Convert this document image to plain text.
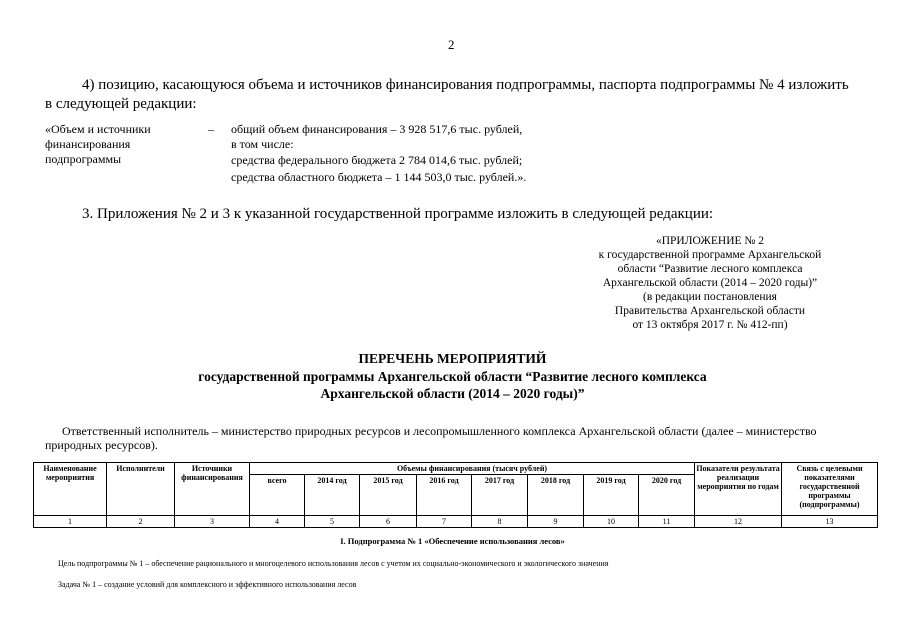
2
4) позицию, касающуюся объема и источников финансирования подпрограммы, паспорта подпрограммы № 4 изложить
в следующей редакции:
«Объем и источники
финансирования
подпрограммы
– общий объем финансирования – 3 928 517,6 тыс. рублей,
в том числе:
средства федерального бюджета 2 784 014,6 тыс. рублей;
средства областного бюджета – 1 144 503,0 тыс. рублей.».
3. Приложения № 2 и 3 к указанной государственной программе изложить в следующей редакции:
«ПРИЛОЖЕНИЕ № 2
к государственной программе Архангельской
области “Развитие лесного комплекса
Архангельской области (2014 – 2020 годы)”
(в редакции постановления
Правительства Архангельской области
от 13 октября 2017 г. № 412-пп)
ПЕРЕЧЕНЬ МЕРОПРИЯТИЙ
государственной программы Архангельской области “Развитие лесного комплекса
Архангельской области (2014 – 2020 годы)”
Ответственный исполнитель – министерство природных ресурсов и лесопромышленного комплекса Архангельской области (далее – министерство
природных ресурсов).
Наименование мероприятия	Исполнители	Источники финансирования	Объемы финансирования (тысяч рублей)								Показатели результата реализации мероприятия по годам	Связь с целевыми показателями государственной программы (подпрограммы)
			всего	2014 год	2015 год	2016 год	2017 год	2018 год	2019 год	2020 год		
1	2	3	4	5	6	7	8	9	10	11	12	13
I. Подпрограмма № 1 «Обеспечение использования лесов»
Цель подпрограммы № 1 – обеспечение рационального и многоцелевого использования лесов с учетом их социально-экономического и экологического значения
Задача № 1 – создание условий для комплексного и эффективного использования лесов
